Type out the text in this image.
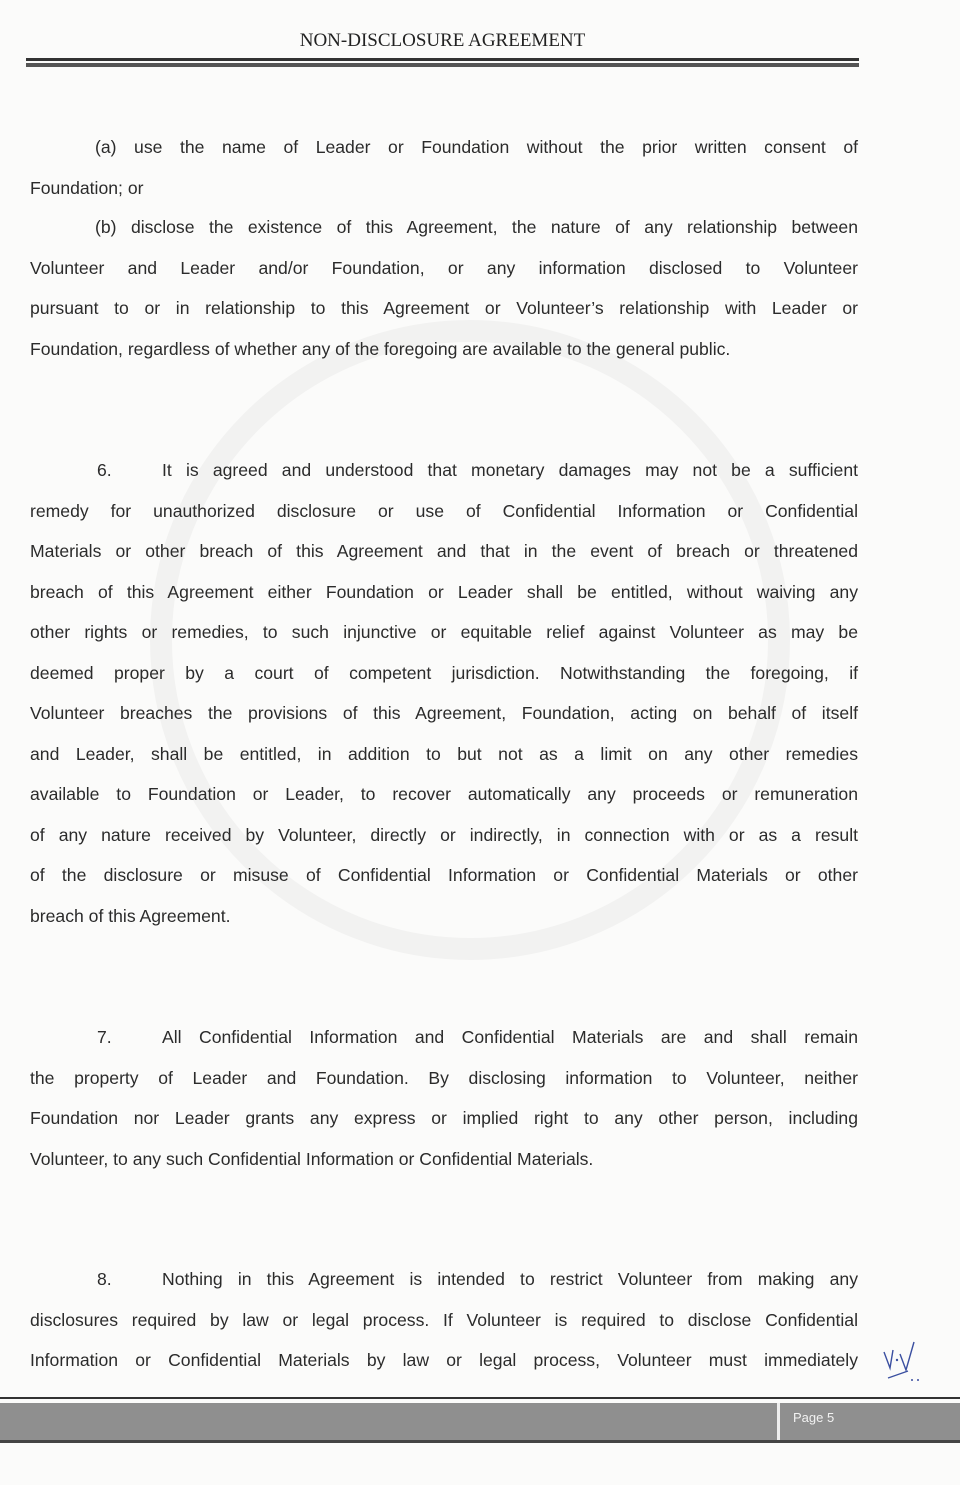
NON-DISCLOSURE AGREEMENT
(a) use the name of Leader or Foundation without the prior written consent of
Foundation; or
(b) disclose the existence of this Agreement, the nature of any relationship between
Volunteer and Leader and/or Foundation, or any information disclosed to Volunteer
pursuant to or in relationship to this Agreement or Volunteer’s relationship with Leader or
Foundation, regardless of whether any of the foregoing are available to the general public.
6.	It is agreed and understood that monetary damages may not be a sufficient
remedy for unauthorized disclosure or use of Confidential Information or Confidential
Materials or other breach of this Agreement and that in the event of breach or threatened
breach of this Agreement either Foundation or Leader shall be entitled, without waiving any
other rights or remedies, to such injunctive or equitable relief against Volunteer as may be
deemed proper by a court of competent jurisdiction. Notwithstanding the foregoing, if
Volunteer breaches the provisions of this Agreement, Foundation, acting on behalf of itself
and Leader, shall be entitled, in addition to but not as a limit on any other remedies
available to Foundation or Leader, to recover automatically any proceeds or remuneration
of any nature received by Volunteer, directly or indirectly, in connection with or as a result
of the disclosure or misuse of Confidential Information or Confidential Materials or other
breach of this Agreement.
7.	All Confidential Information and Confidential Materials are and shall remain
the property of Leader and Foundation. By disclosing information to Volunteer, neither
Foundation nor Leader grants any express or implied right to any other person, including
Volunteer, to any such Confidential Information or Confidential Materials.
8.	Nothing in this Agreement is intended to restrict Volunteer from making any
disclosures required by law or legal process. If Volunteer is required to disclose Confidential
Information or Confidential Materials by law or legal process, Volunteer must immediately
Page 5
